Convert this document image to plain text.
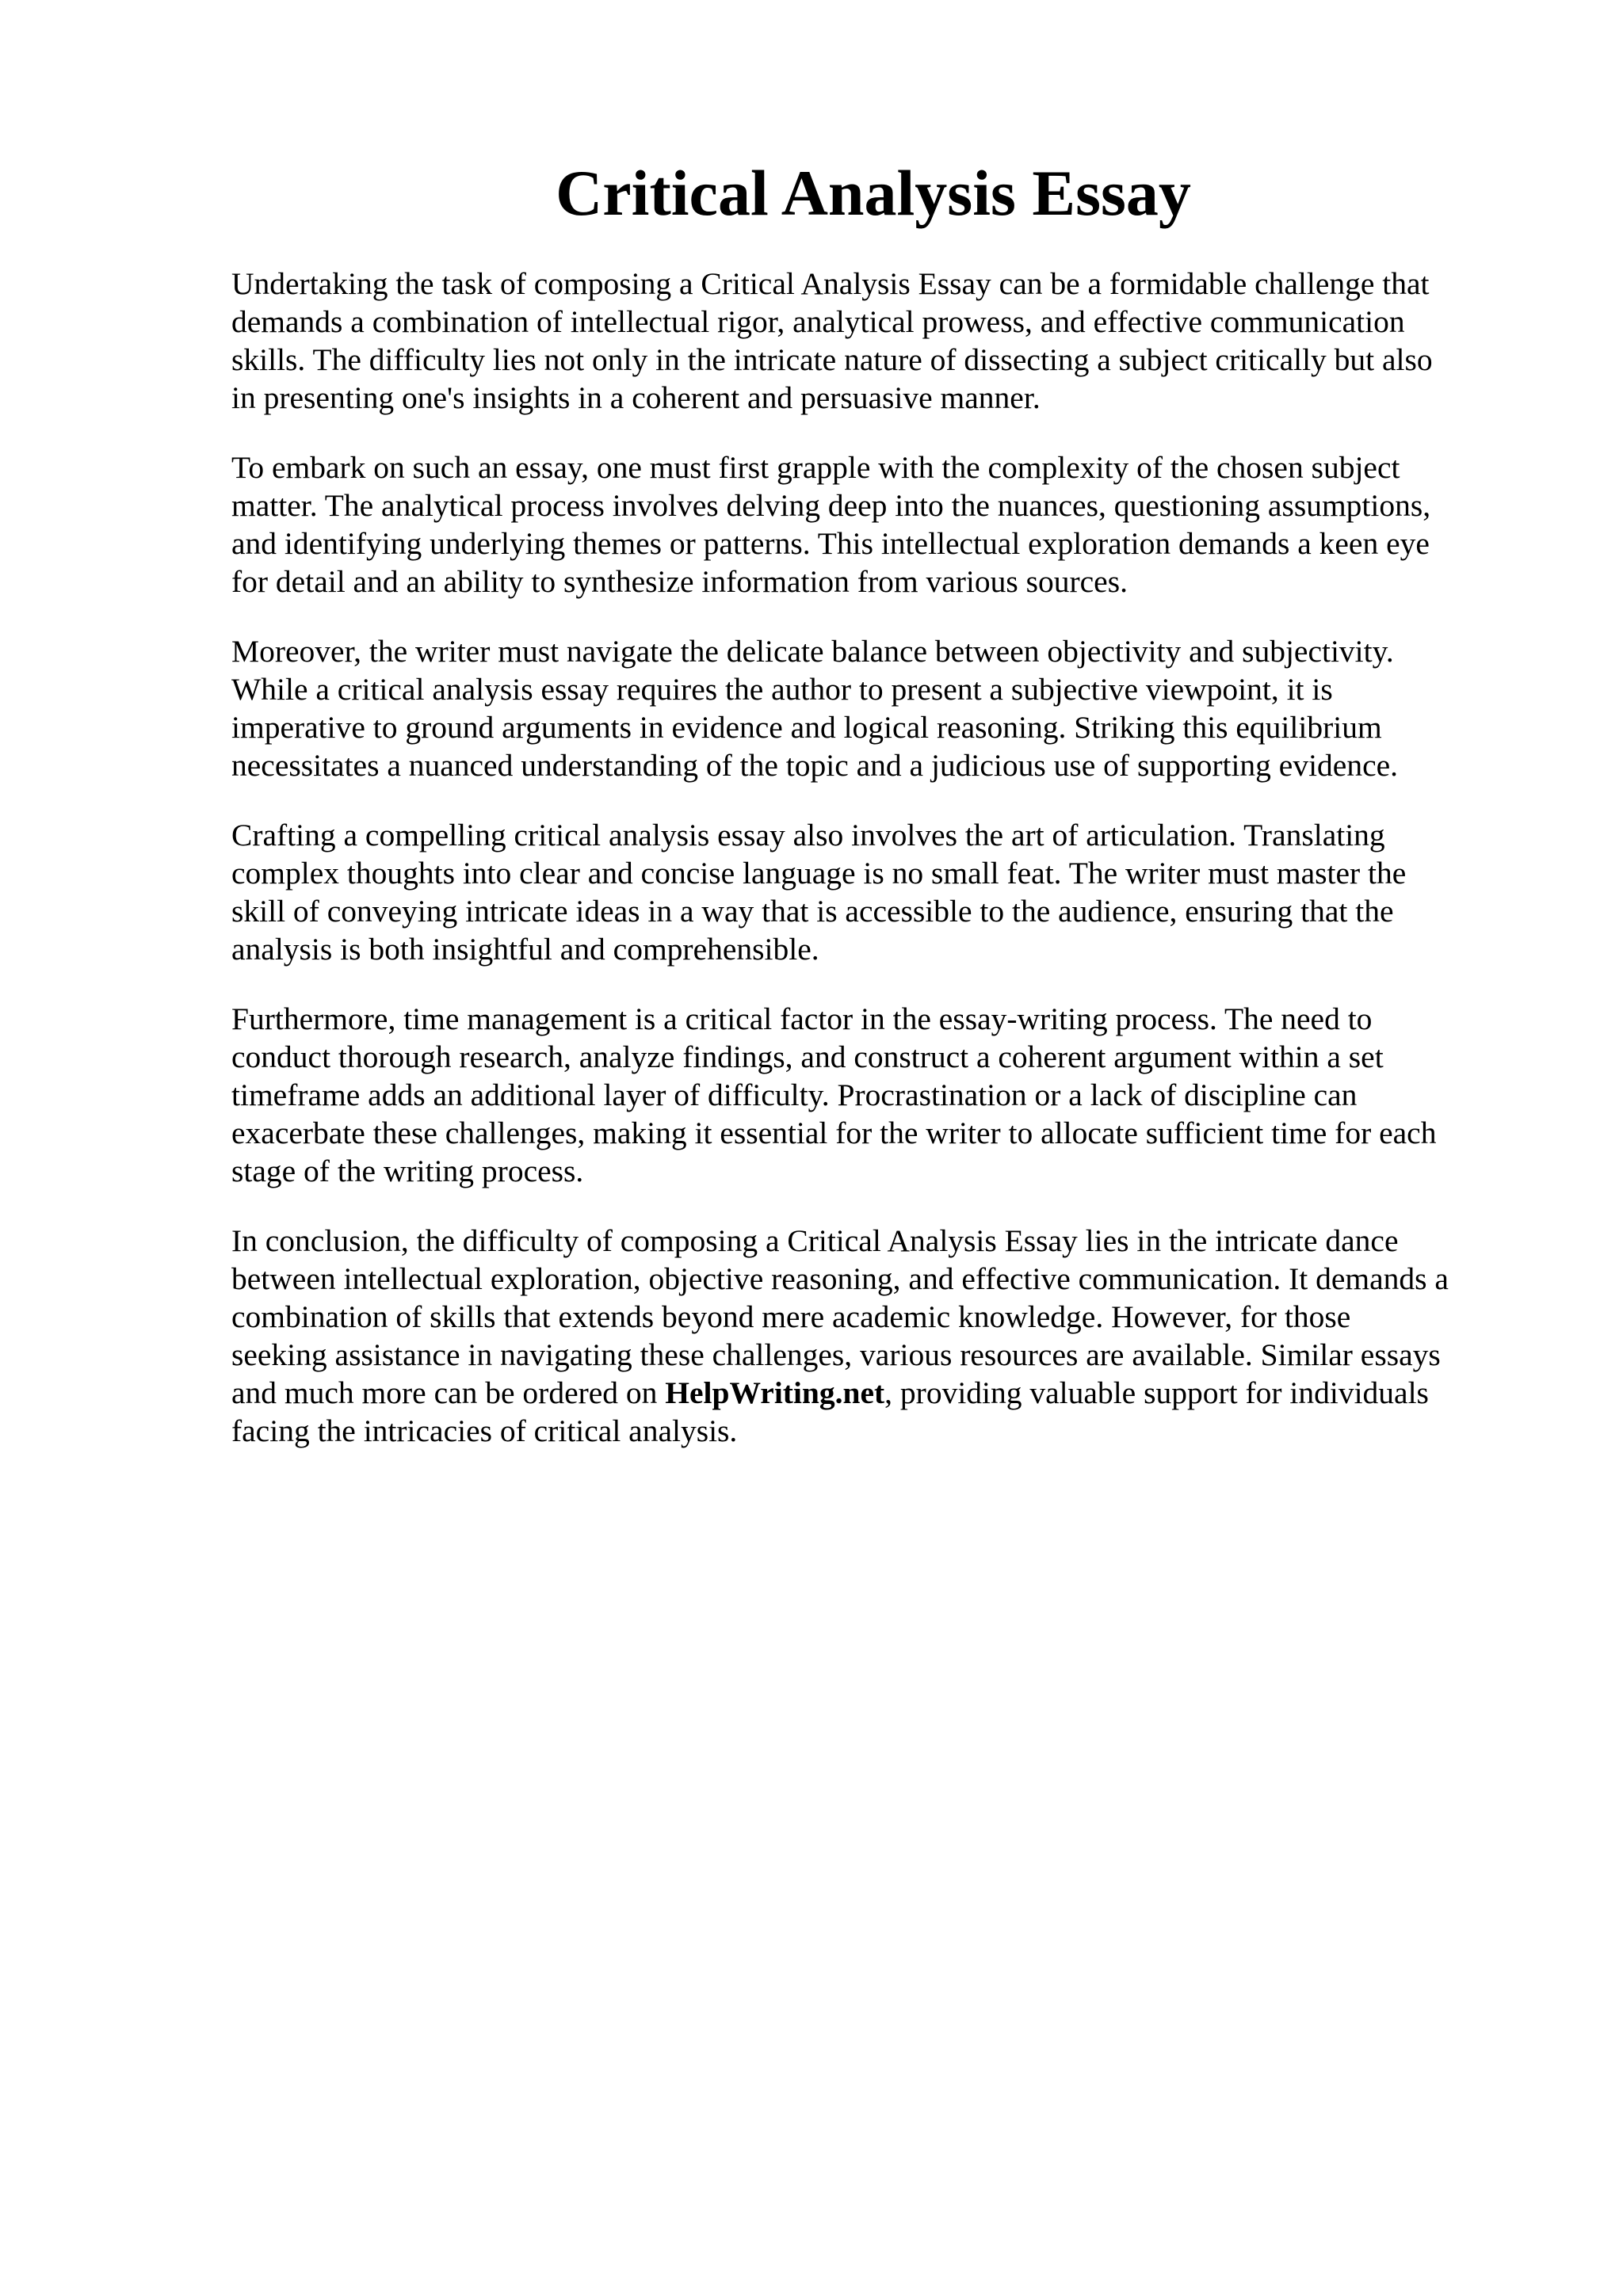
Critical Analysis Essay

Undertaking the task of composing a Critical Analysis Essay can be a formidable challenge that
demands a combination of intellectual rigor, analytical prowess, and effective communication
skills. The difficulty lies not only in the intricate nature of dissecting a subject critically but also
in presenting one's insights in a coherent and persuasive manner.

To embark on such an essay, one must first grapple with the complexity of the chosen subject
matter. The analytical process involves delving deep into the nuances, questioning assumptions,
and identifying underlying themes or patterns. This intellectual exploration demands a keen eye
for detail and an ability to synthesize information from various sources.

Moreover, the writer must navigate the delicate balance between objectivity and subjectivity.
While a critical analysis essay requires the author to present a subjective viewpoint, it is
imperative to ground arguments in evidence and logical reasoning. Striking this equilibrium
necessitates a nuanced understanding of the topic and a judicious use of supporting evidence.

Crafting a compelling critical analysis essay also involves the art of articulation. Translating
complex thoughts into clear and concise language is no small feat. The writer must master the
skill of conveying intricate ideas in a way that is accessible to the audience, ensuring that the
analysis is both insightful and comprehensible.

Furthermore, time management is a critical factor in the essay-writing process. The need to
conduct thorough research, analyze findings, and construct a coherent argument within a set
timeframe adds an additional layer of difficulty. Procrastination or a lack of discipline can
exacerbate these challenges, making it essential for the writer to allocate sufficient time for each
stage of the writing process.

In conclusion, the difficulty of composing a Critical Analysis Essay lies in the intricate dance
between intellectual exploration, objective reasoning, and effective communication. It demands a
combination of skills that extends beyond mere academic knowledge. However, for those
seeking assistance in navigating these challenges, various resources are available. Similar essays
and much more can be ordered on HelpWriting.net, providing valuable support for individuals
facing the intricacies of critical analysis.
